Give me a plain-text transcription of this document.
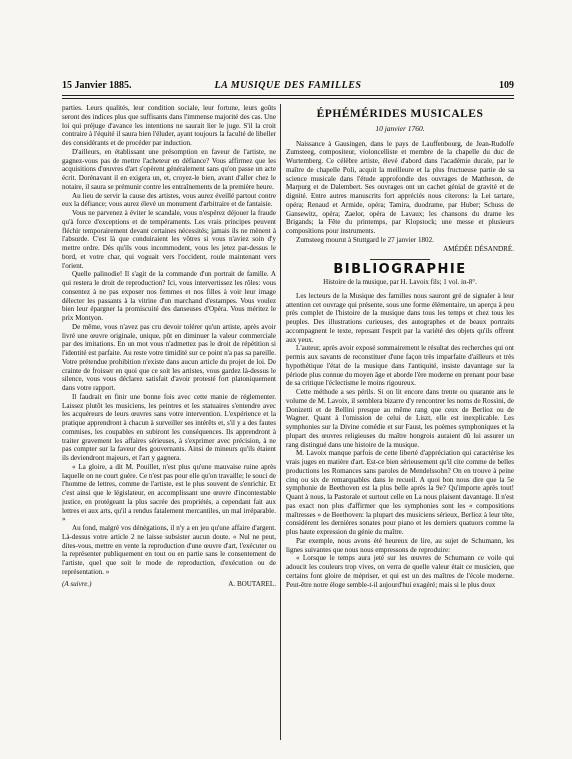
15 Janvier 1885.	LA MUSIQUE DES FAMILLES	109

parties. Leurs qualités, leur condition sociale, leur fortune, leurs goûts seront des indices plus que suffisants dans l'immense majorité des cas. Une loi qui préjuge d'avance les intentions ne saurait lier le juge. S'il la croit contraire à l'équité il saura bien l'éluder, ayant toujours la faculté de libeller des considérants et de procéder par induction.

D'ailleurs, en établissant une présomption en faveur de l'artiste, ne gagnez-vous pas de mettre l'acheteur en défiance? Vous affirmez que les acquisitions d'œuvres d'art s'opèrent généralement sans qu'on passe un acte écrit. Dorénavant il en exigera un, et, croyez-le bien, avant d'aller chez le notaire, il saura se prémunir contre les entraînements de la première heure.

Au lieu de servir la cause des artistes, vous aurez éveillé partout contre eux la défiance; vous aurez élevé un monument d'arbitraire et de fantaisie.

Vous ne parvenez à éviter le scandale, vous n'espérez déjouer la fraude qu'à force d'exceptions et de tempéraments. Les vrais principes peuvent fléchir temporairement devant certaines nécessités; jamais ils ne mènent à l'absurde. C'est là que conduiraient les vôtres si vous n'aviez soin d'y mettre ordre. Dès qu'ils vous incommodent, vous les jetez par-dessus le bord, et votre char, qui voguait vers l'occident, roule maintenant vers l'orient.

Quelle palinodie! Il s'agit de la commande d'un portrait de famille. A qui restera le droit de reproduction? Ici, vous intervertissez les rôles: vous consentez à ne pas exposer nos femmes et nos filles à voir leur image délecter les passants à la vitrine d'un marchand d'estampes. Vous voulez bien leur épargner la promiscuité des danseuses d'Opéra. Vous méritez le prix Montyon.

De même, vous n'avez pas cru devoir tolérer qu'un artiste, après avoir livré une œuvre originale, unique, pût en diminuer la valeur commerciale par des imitations. En un mot vous n'admettez pas le droit de répétition si l'identité est parfaite. Au reste votre timidité sur ce point n'a pas sa pareille. Votre prétendue prohibition n'existe dans aucun article du projet de loi. De crainte de froisser en quoi que ce soit les artistes, vous gardez là-dessus le silence, vous vous déclarez satisfait d'avoir protesté fort platoniquement dans votre rapport.

Il faudrait en finir une bonne fois avec cette manie de réglementer. Laissez plutôt les musiciens, les peintres et les statuaires s'entendre avec les acquéreurs de leurs œuvres sans votre intervention. L'expérience et la pratique apprendront à chacun à surveiller ses intérêts et, s'il y a des fautes commises, les coupables en subiront les conséquences. Ils apprendront à traiter gravement les affaires sérieuses, à s'exprimer avec précision, à ne pas compter sur la faveur des gouvernants. Ainsi de mineurs qu'ils étaient ils deviendront majeurs, et l'art y gagnera.

« La gloire, a dit M. Pouillet, n'est plus qu'une mauvaise ruine après laquelle on ne court guère. Ce n'est pas pour elle qu'on travaille; le souci de l'homme de lettres, comme de l'artiste, est le plus souvent de s'enrichir. Et c'est ainsi que le législateur, en accomplissant une œuvre d'incontestable justice, en protégeant la plus sacrée des propriétés, a cependant fait aux lettres et aux arts, qu'il a rendus fatalement mercantiles, un mal irréparable. »

Au fond, malgré vos dénégations, il n'y a en jeu qu'une affaire d'argent. Là-dessus votre article 2 ne laisse subsister aucun doute. « Nul ne peut, dites-vous, mettre en vente la reproduction d'une œuvre d'art, l'exécuter ou la représenter publiquement en tout ou en partie sans le consentement de l'artiste, quel que soit le mode de reproduction, d'exécution ou de représentation. »

(A suivre.)	A. BOUTAREL.
ÉPHÉMÉRIDES MUSICALES
10 janvier 1760.

Naissance à Gausingen, dans le pays de Lauffenbourg, de Jean-Rudolfe Zumsteeg, compositeur, violoncelliste et membre de la chapelle du duc de Wurtemberg. Ce célèbre artiste, élevé d'abord dans l'académie ducale, par le maître de chapelle Poli, acquit la meilleure et la plus fructueuse partie de sa science musicale dans l'étude approfondie des ouvrages de Mattheson, de Marpurg et de Dalembert. Ses ouvrages ont un cachet génial de gravité et de dignité. Entre autres manuscrits fort appréciés nous citerons: la Lei tartare, opéra; Renaud et Armide, opéra; Tamira, duodrame, par Huber; Schuss de Gansewitz, opéra; Zaelor, opéra de Lavaux; les chansons du drame les Brigands; la Fête du printemps, par Klopstock; une messe et plusieurs compositions pour instruments.

Zumsteeg mourut à Stuttgard le 27 janvier 1802.

AMÉDÉE DÉSANDRÉ.

BIBLIOGRAPHIE
Histoire de la musique, par H. Lavoix fils; 1 vol. in-8°.

Les lecteurs de la Musique des familles nous sauront gré de signaler à leur attention cet ouvrage qui présente, sous une forme élémentaire, un aperçu à peu près complet de l'histoire de la musique dans tous les temps et chez tous les peuples. Des illustrations curieuses, des autographes et de beaux portraits accompagnent le texte, reposant l'esprit par la variété des objets qu'ils offrent aux yeux.

L'auteur, après avoir exposé sommairement le résultat des recherches qui ont permis aux savants de reconstituer d'une façon très imparfaite d'ailleurs et très hypothétique l'état de la musique dans l'antiquité, insiste davantage sur la période plus connue du moyen âge et aborde l'ère moderne en prenant pour base de sa critique l'éclectisme le moins rigoureux.

Cette méthode a ses périls. Si on lit encore dans trente ou quarante ans le volume de M. Lavoix, il semblera bizarre d'y rencontrer les noms de Rossini, de Donizetti et de Bellini presque au même rang que ceux de Berlioz ou de Wagner. Quant à l'omission de celui de Liszt, elle est inexplicable. Les symphonies sur la Divine comédie et sur Faust, les poèmes symphoniques et la plupart des œuvres religieuses du maître hongrois auraient dû lui assurer un rang distingué dans une histoire de la musique.

M. Lavoix manque parfois de cette liberté d'appréciation qui caractérise les vrais juges en matière d'art. Est-ce bien sérieusement qu'il cite comme de belles productions les Romances sans paroles de Mendelssohn? On en trouve à peine cinq ou six de remarquables dans le recueil. A quoi bon nous dire que la 5e symphonie de Beethoven est la plus belle après la 9e? Qu'importe après tout! Quant à nous, la Pastorale et surtout celle en La nous plaisent davantage. Il n'est pas exact non plus d'affirmer que les symphonies sont les « compositions maîtresses » de Beethoven: la plupart des musiciens sérieux, Berlioz à leur tête, considèrent les dernières sonates pour piano et les derniers quatuors comme la plus haute expression du génie du maître.

Par exemple, nous avons été heureux de lire, au sujet de Schumann, les lignes suivantes que nous nous empressons de reproduire:

« Lorsque le temps aura jeté sur les œuvres de Schumann ce voile qui adoucit les couleurs trop vives, on verra de quelle valeur était ce musicien, que certains font gloire de mépriser, et qui est un des maîtres de l'école moderne. Peut-être notre éloge semble-t-il aujourd'hui exagéré; mais si le plus doux
